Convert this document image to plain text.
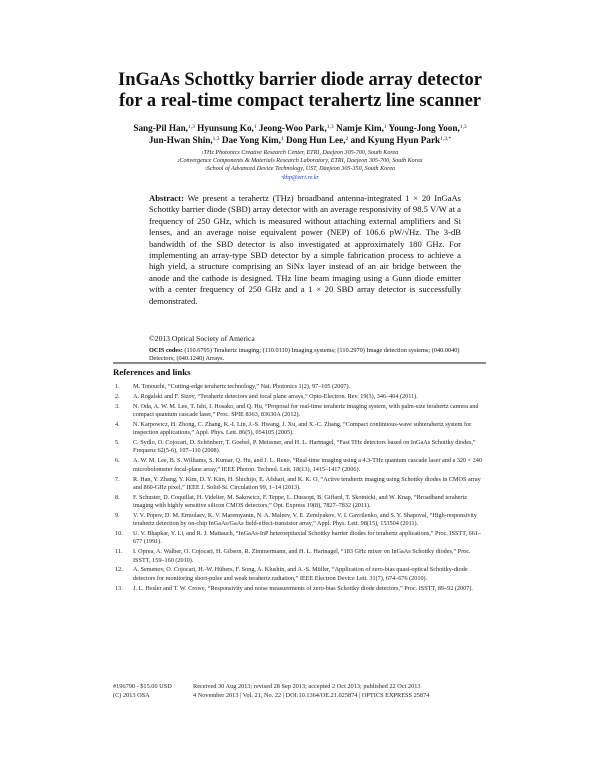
InGaAs Schottky barrier diode array detector
for a real-time compact terahertz line scanner
Sang-Pil Han,$^{1,3}$ Hyunsung Ko,$^1$ Jeong-Woo Park,$^{1,3}$ Namje Kim,$^1$ Young-Jong Yoon,$^{1,3}$
Jun-Hwan Shin,$^{1,3}$ Dae Yong Kim,$^1$ Dong Hun Lee,$^2$ and Kyung Hyun Park$^{1,3,*}$
$^1$THz Photonics Creative Research Center, ETRI, Daejeon 305-700, South Korea
$^2$Convergence Components & Materials Research Laboratory, ETRI, Daejeon 305-700, South Korea
$^3$School of Advanced Device Technology, UST, Daejeon 305-350, South Korea
*khp@etri.re.kr
Abstract: We present a terahertz (THz) broadband antenna-integrated 1 × 20 InGaAs Schottky barrier diode (SBD) array detector with an average responsivity of 98.5 V/W at a frequency of 250 GHz, which is measured without attaching external amplifiers and Si lenses, and an average noise equivalent power (NEP) of 106.6 pW/√Hz. The 3-dB bandwidth of the SBD detector is also investigated at approximately 180 GHz. For implementing an array-type SBD detector by a simple fabrication process to achieve a high yield, a structure comprising an SiNx layer instead of an air bridge between the anode and the cathode is designed. THz line beam imaging using a Gunn diode emitter with a center frequency of 250 GHz and a 1 × 20 SBD array detector is successfully demonstrated.
©2013 Optical Society of America
OCIS codes: (110.6795) Terahertz imaging; (110.0110) Imaging systems; (110.2970) Image detection systems; (040.0040) Detectors; (040.1240) Arrays.
References and links
1. M. Tonouchi, “Cutting-edge terahertz technology,” Nat. Photonics 1(2), 97–105 (2007).
2. A. Rogalski and F. Sizov, “Terahertz detectors and focal plane arrays,” Opto-Electron. Rev. 19(3), 346–404 (2011).
3. N. Oda, A. W. M. Lee, T. Ishi, I. Hosako, and Q. Hu, “Proposal for real-time terahertz imaging system, with palm-size terahertz camera and compact quantum cascade laser,” Proc. SPIE 8363, 83630A (2012).
4. N. Karpowicz, H. Zhong, C. Zhang, K.-I. Lin, J.-S. Hwang, J. Xu, and X.-C. Zhang, “Compact continuous-wave subterahertz system for inspection applications,” Appl. Phys. Lett. 86(5), 054105 (2005).
5. C. Sydlo, O. Cojocari, D. Schönherr, T. Goebel, P. Meissner, and H. L. Hartnagel, “Fast THz detectors based on InGaAs Schottky diodes,” Frequenz 62(5-6), 107–110 (2008).
6. A. W. M. Lee, B. S. Williams, S. Kumar, Q. Hu, and J. L. Reno, “Real-time imaging using a 4.3-THz quantum cascade laser and a 320 × 240 microbolometer focal-plane array,” IEEE Photon. Technol. Lett. 18(13), 1415–1417 (2006).
7. R. Han, Y. Zhang, Y. Kim, D. Y. Kim, H. Shichijo, E. Afshari, and K. K. O, “Active terahertz imaging using Schottky diodes in CMOS array and 860-GHz pixel,” IEEE J. Solid-St. Circulation 99, 1–14 (2013).
8. F. Schuster, D. Coquillat, H. Videlier, M. Sakowicz, F. Teppe, L. Dussopt, B. Giffard, T. Skotnicki, and W. Knap, “Broadband terahertz imaging with highly sensitive silicon CMOS detectors,” Opt. Express 19(8), 7827–7832 (2011).
9. V. V. Popov, D. M. Ermolaev, K. V. Maremyanin, N. A. Maleev, V. E. Zemlyakov, V. I. Gavrilenko, and S. Y. Shapoval, “High-responsivity terahertz detection by on-chip InGaAs/GaAs field-effect-transistor array,” Appl. Phys. Lett. 98(15), 153504 (2011).
10. U. V. Bhapkar, Y. Li, and R. J. Mattauch, “InGaAs-InP heteroepitaxial Schottky barrier diodes for terahertz applications,” Proc. ISSTT, 661–677 (1991).
11. I. Oprea, A. Walber, O. Cojocari, H. Gibson, R. Zimmermann, and H. L. Hartnagel, “183 GHz mixer on InGaAs Schottky diodes,” Proc. ISSTT, 159–160 (2010).
12. A. Semenov, O. Cojocari, H.-W. Hübers, F. Song, A. Klushin, and A.-S. Müller, “Application of zero-bias quasi-optical Schottky-diode detectors for monitoring short-pulse and weak terahertz radiation,” IEEE Electron Device Lett. 31(7), 674–676 (2010).
13. J. L. Hesler and T. W. Crowe, “Responsivity and noise measurements of zero-bias Schottky diode detectors,” Proc. ISSTT, 89–92 (2007).
#196790 - $15.00 USD	Received 30 Aug 2013; revised 28 Sep 2013; accepted 2 Oct 2013; published 22 Oct 2013
(C) 2013 OSA	4 November 2013 | Vol. 21, No. 22 | DOI:10.1364/OE.21.025874 | OPTICS EXPRESS 25874
